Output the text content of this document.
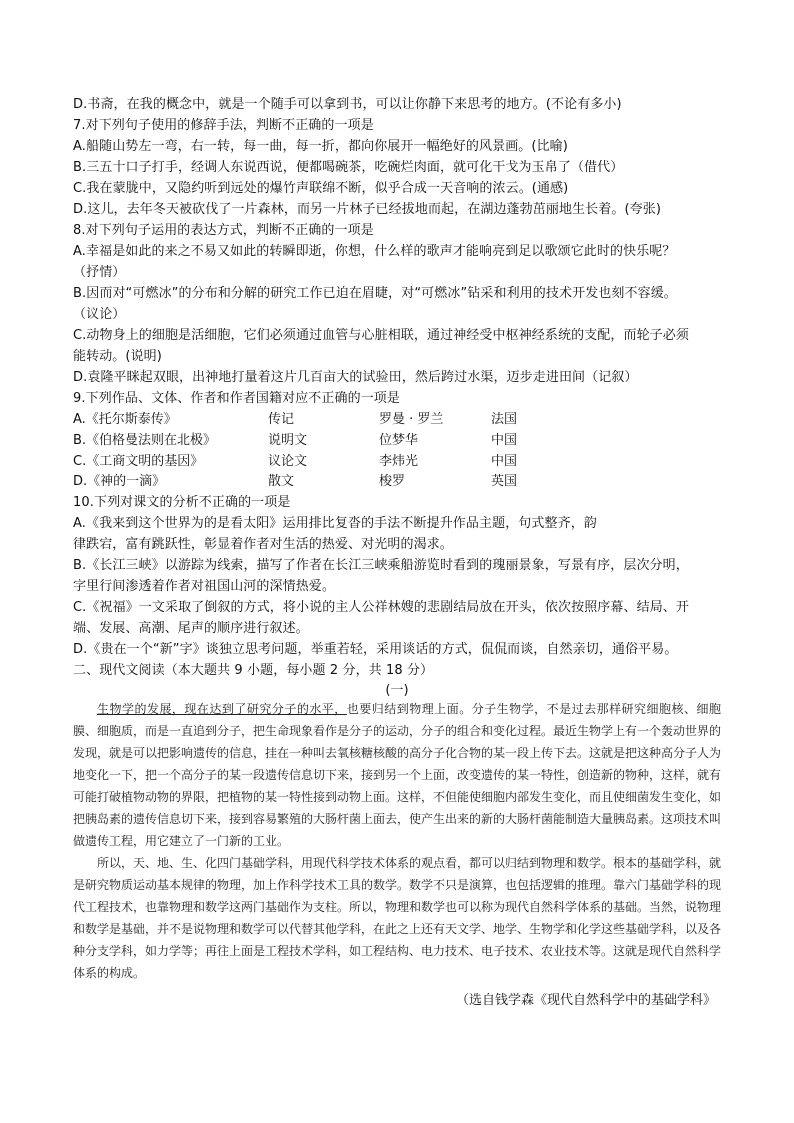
D.书斋，在我的概念中，就是一个随手可以拿到书，可以让你静下来思考的地方。(不论有多小)
7.对下列句子使用的修辞手法，判断不正确的一项是
A.船随山势左一弯，右一转，每一曲，每一折，都向你展开一幅绝好的风景画。(比喻)
B.三五十口子打手，经调人东说西说，便都喝碗茶，吃碗烂肉面，就可化干戈为玉帛了（借代）
C.我在蒙胧中，又隐约听到远处的爆竹声联绵不断，似乎合成一天音响的浓云。(通感)
D.这儿，去年冬天被砍伐了一片森林，而另一片林子已经拔地而起，在湖边蓬勃茁丽地生长着。(夸张)
8.对下列句子运用的表达方式，判断不正确的一项是
A.幸福是如此的来之不易又如此的转瞬即逝，你想，什么样的歌声才能响亮到足以歌颂它此时的快乐呢？
（抒情）
B.因而对“可燃冰”的分布和分解的研究工作已迫在眉睫，对“可燃冰”钻采和利用的技术开发也刻不容缓。
（议论）
C.动物身上的细胞是活细胞，它们必须通过血管与心脏相联，通过神经受中枢神经系统的支配，而轮子必须
能转动。(说明)
D.袁隆平眯起双眼，出神地打量着这片几百亩大的试验田，然后跨过水渠，迈步走进田间（记叙）
9.下列作品、文体、作者和作者国籍对应不正确的一项是
A.《托尔斯泰传》	传记	罗曼 · 罗兰	法国
B.《伯格曼法则在北极》	说明文	位梦华	中国
C.《工商文明的基因》	议论文	李炜光	中国
D.《神的一滴》	散文	梭罗	英国
10.下列对课文的分析不正确的一项是
A.《我来到这个世界为的是看太阳》运用排比复沓的手法不断提升作品主题，句式整齐，韵
律跌宕，富有跳跃性，彰显着作者对生活的热爱、对光明的渴求。
B.《长江三峡》以游踪为线索，描写了作者在长江三峡乘船游览时看到的瑰丽景象，写景有序，层次分明，
字里行间渗透着作者对祖国山河的深情热爱。
C.《祝福》一文采取了倒叙的方式，将小说的主人公祥林嫂的悲剧结局放在开头，依次按照序幕、结局、开
端、发展、高潮、尾声的顺序进行叙述。
D.《贵在一个“新”字》谈独立思考问题，举重若轻，采用谈话的方式，侃侃而谈，自然亲切，通俗平易。
二、现代文阅读（本大题共 9 小题，每小题 2 分，共 18 分）
(一)

生物学的发展，现在达到了研究分子的水平，也要归结到物理上面。分子生物学，不是过去那样研究细胞核、细胞膜、细胞质，而是一直追到分子，把生命现象看作是分子的运动，分子的组合和变化过程。最近生物学上有一个轰动世界的发现，就是可以把影响遗传的信息，挂在一种叫去氧核糖核酸的高分子化合物的某一段上传下去。这就是把这种高分子人为地变化一下，把一个高分子的某一段遗传信息切下来，接到另一个上面，改变遗传的某一特性，创造新的物种，这样，就有可能打破植物动物的界限，把植物的某一特性接到动物上面。这样，不但能使细胞内部发生变化，而且使细菌发生变化，如把胰岛素的遗传信息切下来，接到容易繁殖的大肠杆菌上面去，使产生出来的新的大肠杆菌能制造大量胰岛素。这项技术叫做遗传工程，用它建立了一门新的工业。

所以，天、地、生、化四门基础学科，用现代科学技术体系的观点看，都可以归结到物理和数学。根本的基础学科，就是研究物质运动基本规律的物理，加上作科学技术工具的数学。数学不只是演算，也包括逻辑的推理。靠六门基础学科的现代工程技术，也靠物理和数学这两门基础作为支柱。所以，物理和数学也可以称为现代自然科学体系的基础。当然，说物理和数学是基础，并不是说物理和数学可以代替其他学科，在此之上还有天文学、地学、生物学和化学这些基础学科，以及各种分支学科，如力学等；再往上面是工程技术学科，如工程结构、电力技术、电子技术、农业技术等。这就是现代自然科学体系的构成。

（选自钱学森《现代自然科学中的基础学科》
